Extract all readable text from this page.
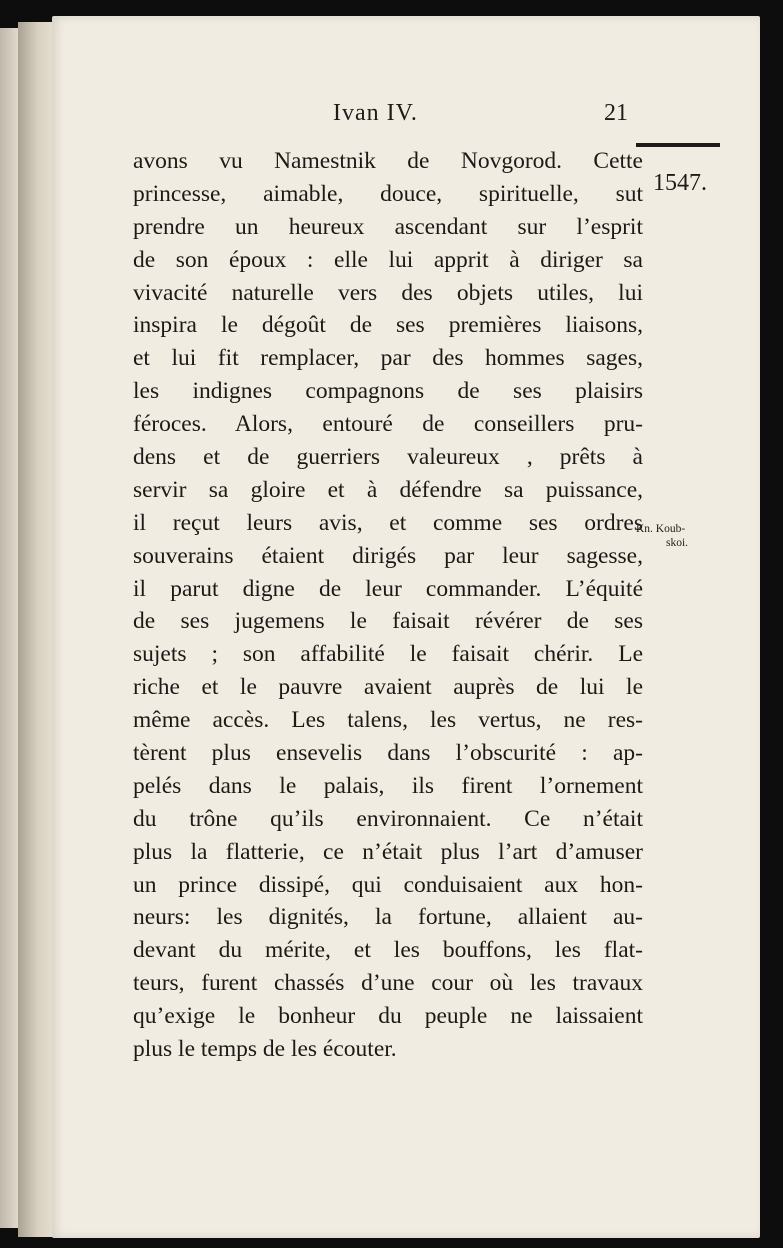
Ivan IV.	21
1547.
avons vu Namestnik de Novgorod. Cette
princesse, aimable, douce, spirituelle, sut
prendre un heureux ascendant sur l’esprit
de son époux : elle lui apprit à diriger sa
vivacité naturelle vers des objets utiles, lui
inspira le dégoût de ses premières liaisons,
et lui fit remplacer, par des hommes sages,
les indignes compagnons de ses plaisirs
féroces. Alors, entouré de conseillers pru-
dens et de guerriers valeureux , prêts à
servir sa gloire et à défendre sa puissance,
il reçut leurs avis, et comme ses ordres
souverains étaient dirigés par leur sagesse,
il parut digne de leur commander. L’équité
de ses jugemens le faisait révérer de ses
sujets ; son affabilité le faisait chérir. Le
riche et le pauvre avaient auprès de lui le
même accès. Les talens, les vertus, ne res-
tèrent plus ensevelis dans l’obscurité : ap-
pelés dans le palais, ils firent l’ornement
du trône qu’ils environnaient. Ce n’était
plus la flatterie, ce n’était plus l’art d’amuser
un prince dissipé, qui conduisaient aux hon-
neurs: les dignités, la fortune, allaient au-
devant du mérite, et les bouffons, les flat-
teurs, furent chassés d’une cour où les travaux
qu’exige le bonheur du peuple ne laissaient
plus le temps de les écouter.
Kn. Koub-
skoi.
